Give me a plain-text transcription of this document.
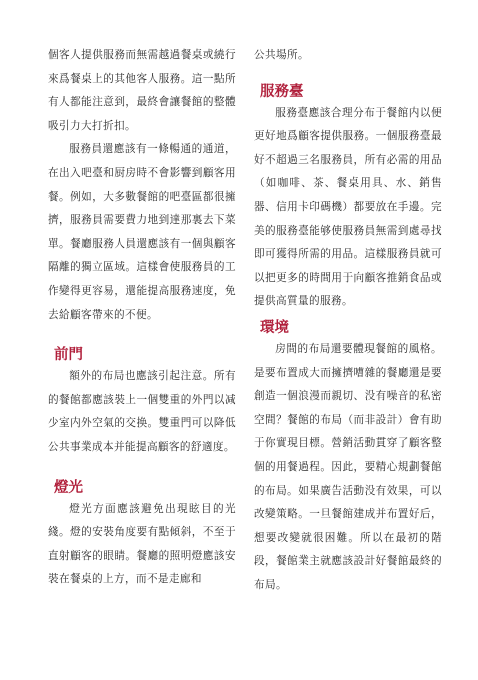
個客人提供服務而無需越過餐桌或繞行來爲餐桌上的其他客人服務。這一點所有人都能注意到，最終會讓餐館的整體吸引力大打折扣。

服務員還應該有一條暢通的通道，在出入吧臺和厨房時不會影響到顧客用餐。例如，大多數餐館的吧臺區都很擁擠，服務員需要費力地到達那裏去下菜單。餐廳服務人員還應該有一個與顧客隔離的獨立區域。這樣會使服務員的工作變得更容易，還能提高服務速度，免去給顧客帶來的不便。

前門

額外的布局也應該引起注意。所有的餐館都應該裝上一個雙重的外門以减少室内外空氣的交换。雙重門可以降低公共事業成本并能提高顧客的舒適度。

燈光

燈光方面應該避免出現眩目的光綫。燈的安裝角度要有點傾斜，不至于直射顧客的眼睛。餐廳的照明燈應該安裝在餐桌的上方，而不是走廊和

公共場所。

服務臺

服務臺應該合理分布于餐館内以便更好地爲顧客提供服務。一個服務臺最好不超過三名服務員，所有必需的用品（如咖啡、茶、餐桌用具、水、銷售器、信用卡印碼機）都要放在手邊。完美的服務臺能够使服務員無需到處尋找即可獲得所需的用品。這樣服務員就可以把更多的時間用于向顧客推銷食品或提供高質量的服務。

環境

房間的布局還要體現餐館的風格。是要布置成大而擁擠嘈雜的餐廳還是要創造一個浪漫而親切、没有噪音的私密空間？餐館的布局（而非設計）會有助于你實現目標。營銷活動貫穿了顧客整個的用餐過程。因此，要精心規劃餐館的布局。如果廣告活動没有效果，可以改變策略。一旦餐館建成并布置好后，想要改變就很困難。所以在最初的階段，餐館業主就應該設計好餐館最終的布局。
